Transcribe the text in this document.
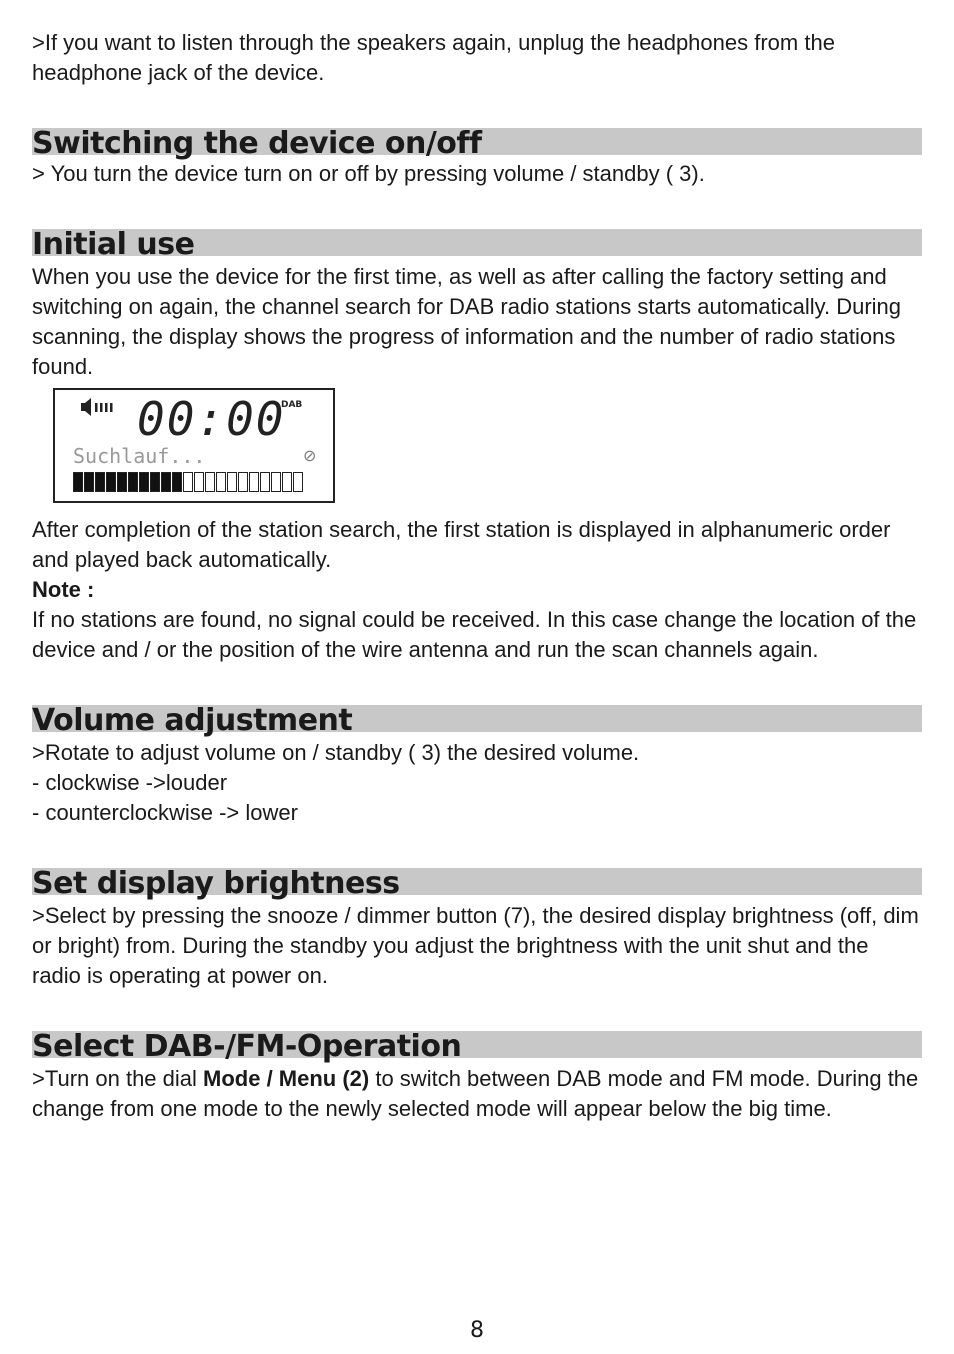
>If you want to listen through the speakers again, unplug the headphones from the headphone jack of the device.

Switching the device on/off

> You turn the device turn on or off by pressing volume / standby ( 3).

Initial use

When you use the device for the first time, as well as after calling the factory setting and switching on again, the channel search for DAB radio stations starts automatically. During scanning, the display shows the progress of information and the number of radio stations found.

00:00
DAB
Suchlauf...	⊘

After completion of the station search, the first station is displayed in alphanumeric order and played back automatically.

Note :

If no stations are found, no signal could be received. In this case change the location of the device and / or the position of the wire antenna and run the scan channels again.

Volume adjustment

>Rotate to adjust volume on / standby ( 3) the desired volume.

- clockwise ->louder

- counterclockwise -> lower

Set display brightness

>Select by pressing the snooze / dimmer button (7), the desired display brightness (off, dim or bright) from. During the standby you adjust the brightness with the unit shut and the radio is operating at power on.

Select DAB-/FM-Operation

>Turn on the dial Mode / Menu (2) to switch between DAB mode and FM mode. During the change from one mode to the newly selected mode will appear below the big time.

8
